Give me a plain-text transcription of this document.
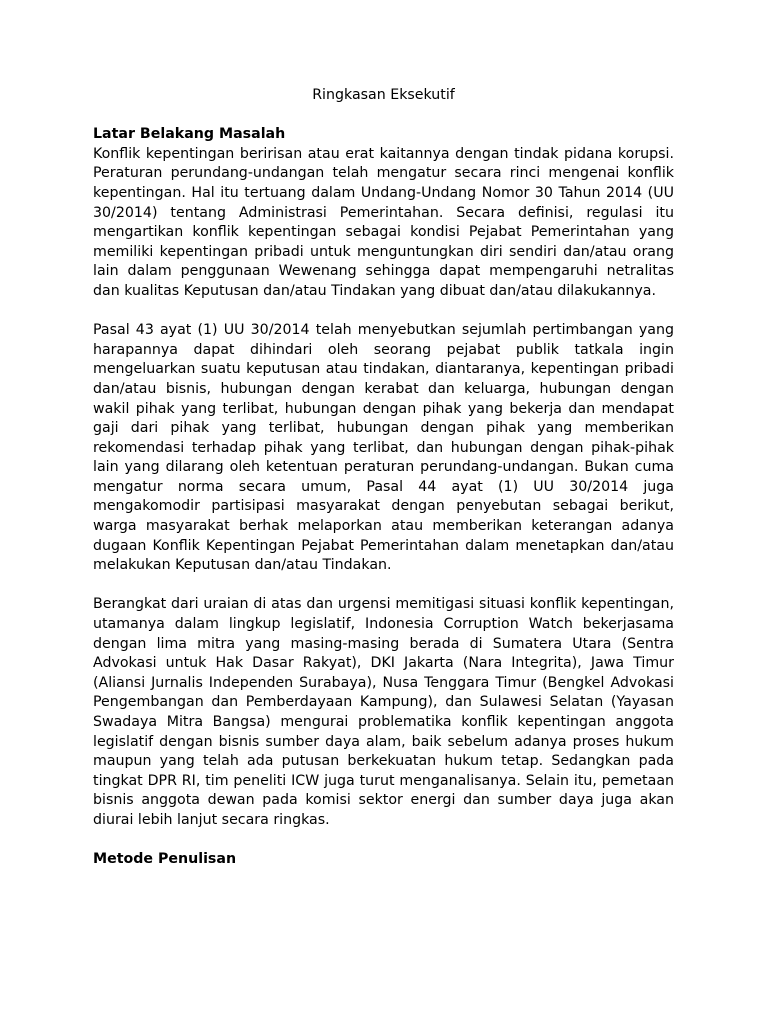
Ringkasan Eksekutif
Latar Belakang Masalah

Konflik kepentingan beririsan atau erat kaitannya dengan tindak pidana korupsi. Peraturan perundang-undangan telah mengatur secara rinci mengenai konflik kepentingan. Hal itu tertuang dalam Undang-Undang Nomor 30 Tahun 2014 (UU 30/2014) tentang Administrasi Pemerintahan. Secara definisi, regulasi itu mengartikan konflik kepentingan sebagai kondisi Pejabat Pemerintahan yang memiliki kepentingan pribadi untuk menguntungkan diri sendiri dan/atau orang lain dalam penggunaan Wewenang sehingga dapat mempengaruhi netralitas dan kualitas Keputusan dan/atau Tindakan yang dibuat dan/atau dilakukannya.

Pasal 43 ayat (1) UU 30/2014 telah menyebutkan sejumlah pertimbangan yang harapannya dapat dihindari oleh seorang pejabat publik tatkala ingin mengeluarkan suatu keputusan atau tindakan, diantaranya, kepentingan pribadi dan/atau bisnis, hubungan dengan kerabat dan keluarga, hubungan dengan wakil pihak yang terlibat, hubungan dengan pihak yang bekerja dan mendapat gaji dari pihak yang terlibat, hubungan dengan pihak yang memberikan rekomendasi terhadap pihak yang terlibat, dan hubungan dengan pihak-pihak lain yang dilarang oleh ketentuan peraturan perundang-undangan. Bukan cuma mengatur norma secara umum, Pasal 44 ayat (1) UU 30/2014 juga mengakomodir partisipasi masyarakat dengan penyebutan sebagai berikut, warga masyarakat berhak melaporkan atau memberikan keterangan adanya dugaan Konflik Kepentingan Pejabat Pemerintahan dalam menetapkan dan/atau melakukan Keputusan dan/atau Tindakan.

Berangkat dari uraian di atas dan urgensi memitigasi situasi konflik kepentingan, utamanya dalam lingkup legislatif, Indonesia Corruption Watch bekerjasama dengan lima mitra yang masing-masing berada di Sumatera Utara (Sentra Advokasi untuk Hak Dasar Rakyat), DKI Jakarta (Nara Integrita), Jawa Timur (Aliansi Jurnalis Independen Surabaya), Nusa Tenggara Timur (Bengkel Advokasi Pengembangan dan Pemberdayaan Kampung), dan Sulawesi Selatan (Yayasan Swadaya Mitra Bangsa) mengurai problematika konflik kepentingan anggota legislatif dengan bisnis sumber daya alam, baik sebelum adanya proses hukum maupun yang telah ada putusan berkekuatan hukum tetap. Sedangkan pada tingkat DPR RI, tim peneliti ICW juga turut menganalisanya. Selain itu, pemetaan bisnis anggota dewan pada komisi sektor energi dan sumber daya juga akan diurai lebih lanjut secara ringkas.

Metode Penulisan
